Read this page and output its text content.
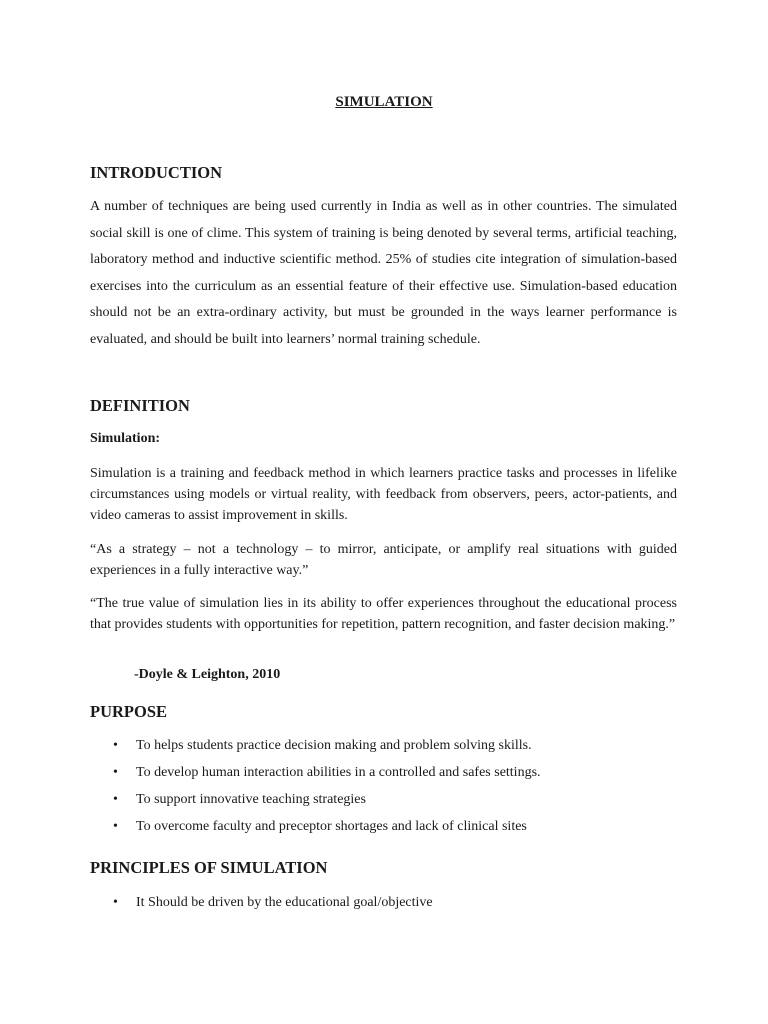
SIMULATION
INTRODUCTION

A number of techniques are being used currently in India as well as in other countries. The simulated social skill is one of clime. This system of training is being denoted by several terms, artificial teaching, laboratory method and inductive scientific method. 25% of studies cite integration of simulation-based exercises into the curriculum as an essential feature of their effective use. Simulation-based education should not be an extra-ordinary activity, but must be grounded in the ways learner performance is evaluated, and should be built into learners’ normal training schedule.

DEFINITION

Simulation:

Simulation is a training and feedback method in which learners practice tasks and processes in lifelike circumstances using models or virtual reality, with feedback from observers, peers, actor-patients, and video cameras to assist improvement in skills.

“As a strategy – not a technology – to mirror, anticipate, or amplify real situations with guided experiences in a fully interactive way.”

“The true value of simulation lies in its ability to offer experiences throughout the educational process that provides students with opportunities for repetition, pattern recognition, and faster decision making.”

-Doyle & Leighton, 2010

PURPOSE
• To helps students practice decision making and problem solving skills.
• To develop human interaction abilities in a controlled and safes settings.
• To support innovative teaching strategies
• To overcome faculty and preceptor shortages and lack of clinical sites
PRINCIPLES OF SIMULATION
• It Should be driven by the educational goal/objective
